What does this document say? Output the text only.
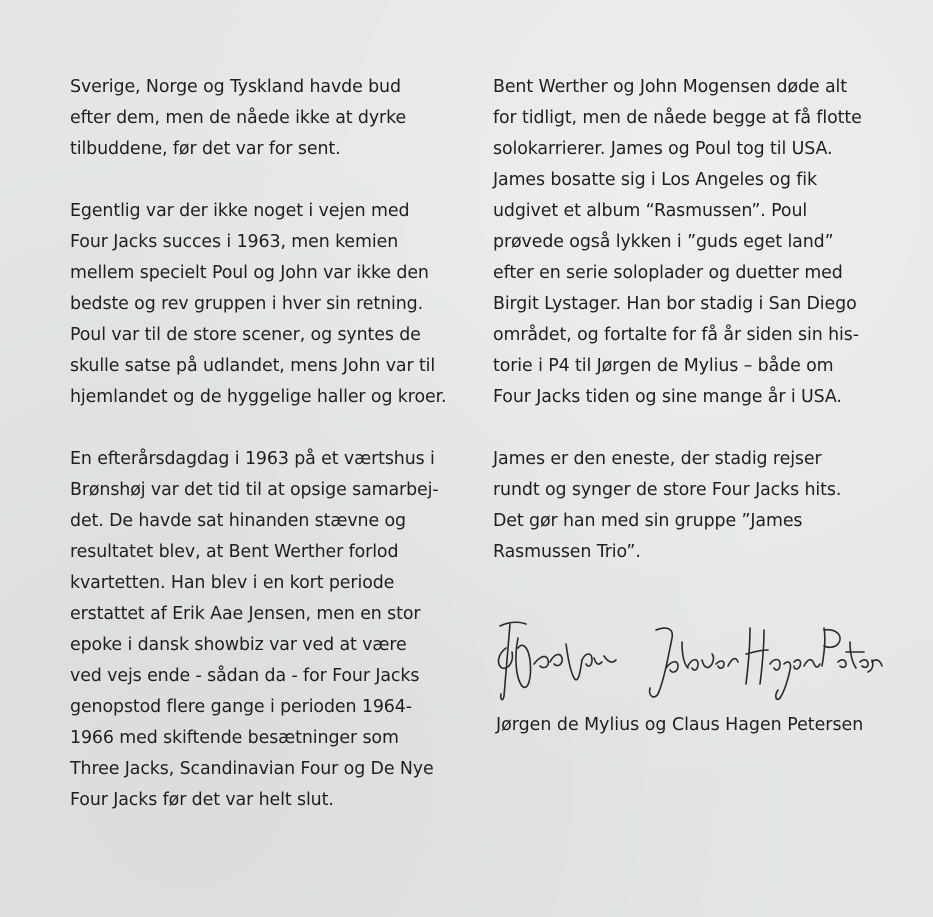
Sverige, Norge og Tyskland havde bud
efter dem, men de nåede ikke at dyrke
tilbuddene, før det var for sent.

Egentlig var der ikke noget i vejen med
Four Jacks succes i 1963, men kemien
mellem specielt Poul og John var ikke den
bedste og rev gruppen i hver sin retning.
Poul var til de store scener, og syntes de
skulle satse på udlandet, mens John var til
hjemlandet og de hyggelige haller og kroer.

En efterårsdagdag i 1963 på et værtshus i
Brønshøj var det tid til at opsige samarbej-
det. De havde sat hinanden stævne og
resultatet blev, at Bent Werther forlod
kvartetten. Han blev i en kort periode
erstattet af Erik Aae Jensen, men en stor
epoke i dansk showbiz var ved at være
ved vejs ende - sådan da - for Four Jacks
genopstod flere gange i perioden 1964-
1966 med skiftende besætninger som
Three Jacks, Scandinavian Four og De Nye
Four Jacks før det var helt slut.

Bent Werther og John Mogensen døde alt
for tidligt, men de nåede begge at få flotte
solokarrierer. James og Poul tog til USA.
James bosatte sig i Los Angeles og fik
udgivet et album “Rasmussen”. Poul
prøvede også lykken i ”guds eget land”
efter en serie soloplader og duetter med
Birgit Lystager. Han bor stadig i San Diego
området, og fortalte for få år siden sin his-
torie i P4 til Jørgen de Mylius – både om
Four Jacks tiden og sine mange år i USA.

James er den eneste, der stadig rejser
rundt og synger de store Four Jacks hits.
Det gør han med sin gruppe ”James
Rasmussen Trio”.

Jørgen de Mylius og Claus Hagen Petersen
